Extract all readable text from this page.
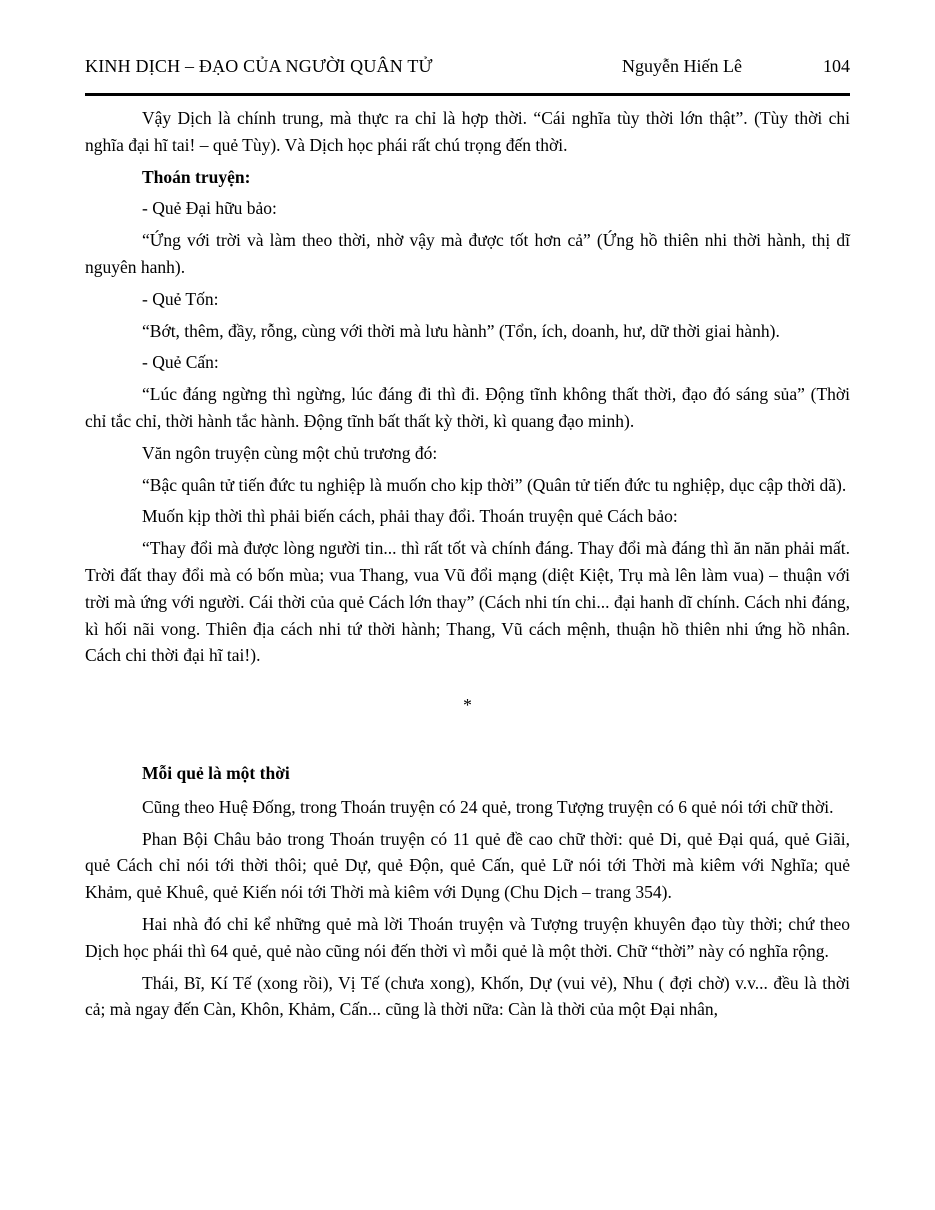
KINH DỊCH – ĐẠO CỦA NGƯỜI QUÂN TỬ	Nguyễn Hiến Lê	104

Vậy Dịch là chính trung, mà thực ra chỉ là hợp thời. “Cái nghĩa tùy thời lớn thật”. (Tùy thời chi nghĩa đại hĩ tai! – quẻ Tùy). Và Dịch học phái rất chú trọng đến thời.

Thoán truyện:

- Quẻ Đại hữu bảo:

“Ứng với trời và làm theo thời, nhờ vậy mà được tốt hơn cả” (Ứng hồ thiên nhi thời hành, thị dĩ nguyên hanh).

- Quẻ Tốn:

“Bớt, thêm, đầy, rỗng, cùng với thời mà lưu hành” (Tổn, ích, doanh, hư, dữ thời giai hành).

- Quẻ Cấn:

“Lúc đáng ngừng thì ngừng, lúc đáng đi thì đi. Động tĩnh không thất thời, đạo đó sáng sủa” (Thời chỉ tắc chỉ, thời hành tắc hành. Động tĩnh bất thất kỳ thời, kì quang đạo minh).

Văn ngôn truyện cùng một chủ trương đó:

“Bậc quân tử tiến đức tu nghiệp là muốn cho kịp thời” (Quân tử tiến đức tu nghiệp, dục cập thời dã).

Muốn kịp thời thì phải biến cách, phải thay đổi. Thoán truyện quẻ Cách bảo:

“Thay đổi mà được lòng người tin... thì rất tốt và chính đáng. Thay đổi mà đáng thì ăn năn phải mất. Trời đất thay đổi mà có bốn mùa; vua Thang, vua Vũ đổi mạng (diệt Kiệt, Trụ mà lên làm vua) – thuận với trời mà ứng với người. Cái thời của quẻ Cách lớn thay” (Cách nhi tín chi... đại hanh dĩ chính. Cách nhi đáng, kì hối nãi vong. Thiên địa cách nhi tứ thời hành; Thang, Vũ cách mệnh, thuận hồ thiên nhi ứng hồ nhân. Cách chi thời đại hĩ tai!).

*

Mỗi quẻ là một thời

Cũng theo Huệ Đống, trong Thoán truyện có 24 quẻ, trong Tượng truyện có 6 quẻ nói tới chữ thời.

Phan Bội Châu bảo trong Thoán truyện có 11 quẻ đề cao chữ thời: quẻ Di, quẻ Đại quá, quẻ Giãi, quẻ Cách chỉ nói tới thời thôi; quẻ Dự, quẻ Độn, quẻ Cấn, quẻ Lữ nói tới Thời mà kiêm với Nghĩa; quẻ Khảm, quẻ Khuê, quẻ Kiến nói tới Thời mà kiêm với Dụng (Chu Dịch – trang 354).

Hai nhà đó chỉ kể những quẻ mà lời Thoán truyện và Tượng truyện khuyên đạo tùy thời; chứ theo Dịch học phái thì 64 quẻ, quẻ nào cũng nói đến thời vì mỗi quẻ là một thời. Chữ “thời” này có nghĩa rộng.

Thái, Bĩ, Kí Tế (xong rồi), Vị Tế (chưa xong), Khốn, Dự (vui vẻ), Nhu ( đợi chờ) v.v... đều là thời cả; mà ngay đến Càn, Khôn, Khảm, Cấn... cũng là thời nữa: Càn là thời của một Đại nhân,
